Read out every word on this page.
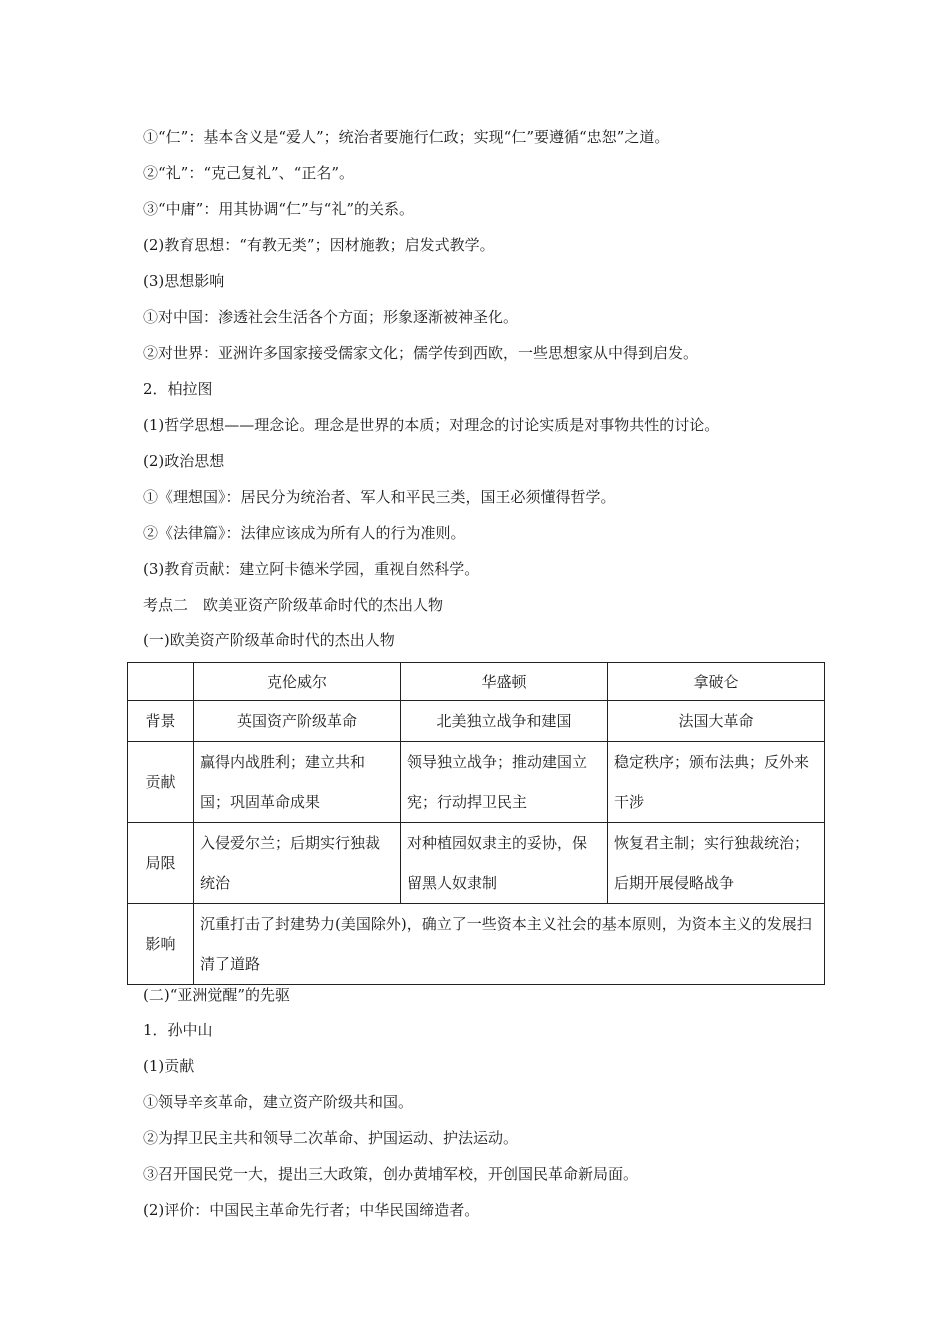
①“仁”：基本含义是“爱人”；统治者要施行仁政；实现“仁”要遵循“忠恕”之道。
②“礼”：“克己复礼”、“正名”。
③“中庸”：用其协调“仁”与“礼”的关系。
(2)教育思想：“有教无类”；因材施教；启发式教学。
(3)思想影响
①对中国：渗透社会生活各个方面；形象逐渐被神圣化。
②对世界：亚洲许多国家接受儒家文化；儒学传到西欧，一些思想家从中得到启发。
2．柏拉图
(1)哲学思想——理念论。理念是世界的本质；对理念的讨论实质是对事物共性的讨论。
(2)政治思想
①《理想国》：居民分为统治者、军人和平民三类，国王必须懂得哲学。
②《法律篇》：法律应该成为所有人的行为准则。
(3)教育贡献：建立阿卡德米学园，重视自然科学。
考点二　欧美亚资产阶级革命时代的杰出人物
(一)欧美资产阶级革命时代的杰出人物
	克伦威尔	华盛顿	拿破仑
背景	英国资产阶级革命	北美独立战争和建国	法国大革命
贡献	赢得内战胜利；建立共和国；巩固革命成果	领导独立战争；推动建国立宪；行动捍卫民主	稳定秩序；颁布法典；反外来干涉
局限	入侵爱尔兰；后期实行独裁统治	对种植园奴隶主的妥协，保留黑人奴隶制	恢复君主制；实行独裁统治；后期开展侵略战争
影响	沉重打击了封建势力(美国除外)，确立了一些资本主义社会的基本原则，为资本主义的发展扫清了道路		
(二)“亚洲觉醒”的先驱
1．孙中山
(1)贡献
①领导辛亥革命，建立资产阶级共和国。
②为捍卫民主共和领导二次革命、护国运动、护法运动。
③召开国民党一大，提出三大政策，创办黄埔军校，开创国民革命新局面。
(2)评价：中国民主革命先行者；中华民国缔造者。
